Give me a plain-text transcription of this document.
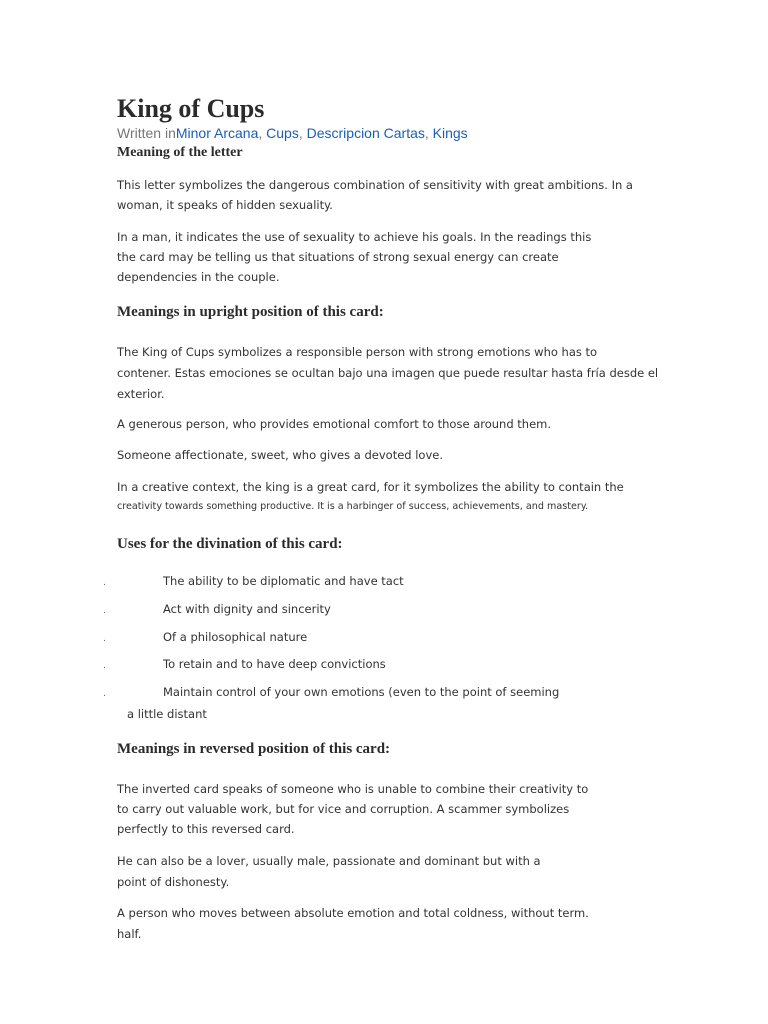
King of Cups
Written inMinor Arcana, Cups, Descripcion Cartas, Kings
Meaning of the letter
This letter symbolizes the dangerous combination of sensitivity with great ambitions. In a
woman, it speaks of hidden sexuality.
In a man, it indicates the use of sexuality to achieve his goals. In the readings this
the card may be telling us that situations of strong sexual energy can create
dependencies in the couple.
Meanings in upright position of this card:
The King of Cups symbolizes a responsible person with strong emotions who has to
contener. Estas emociones se ocultan bajo una imagen que puede resultar hasta fría desde el
exterior.
A generous person, who provides emotional comfort to those around them.
Someone affectionate, sweet, who gives a devoted love.
In a creative context, the king is a great card, for it symbolizes the ability to contain the
creativity towards something productive. It is a harbinger of success, achievements, and mastery.
Uses for the divination of this card:
.	The ability to be diplomatic and have tact
.	Act with dignity and sincerity
.	Of a philosophical nature
.	To retain and to have deep convictions
.	Maintain control of your own emotions (even to the point of seeming
a little distant
Meanings in reversed position of this card:
The inverted card speaks of someone who is unable to combine their creativity to
to carry out valuable work, but for vice and corruption. A scammer symbolizes
perfectly to this reversed card.
He can also be a lover, usually male, passionate and dominant but with a
point of dishonesty.
A person who moves between absolute emotion and total coldness, without term.
half.
